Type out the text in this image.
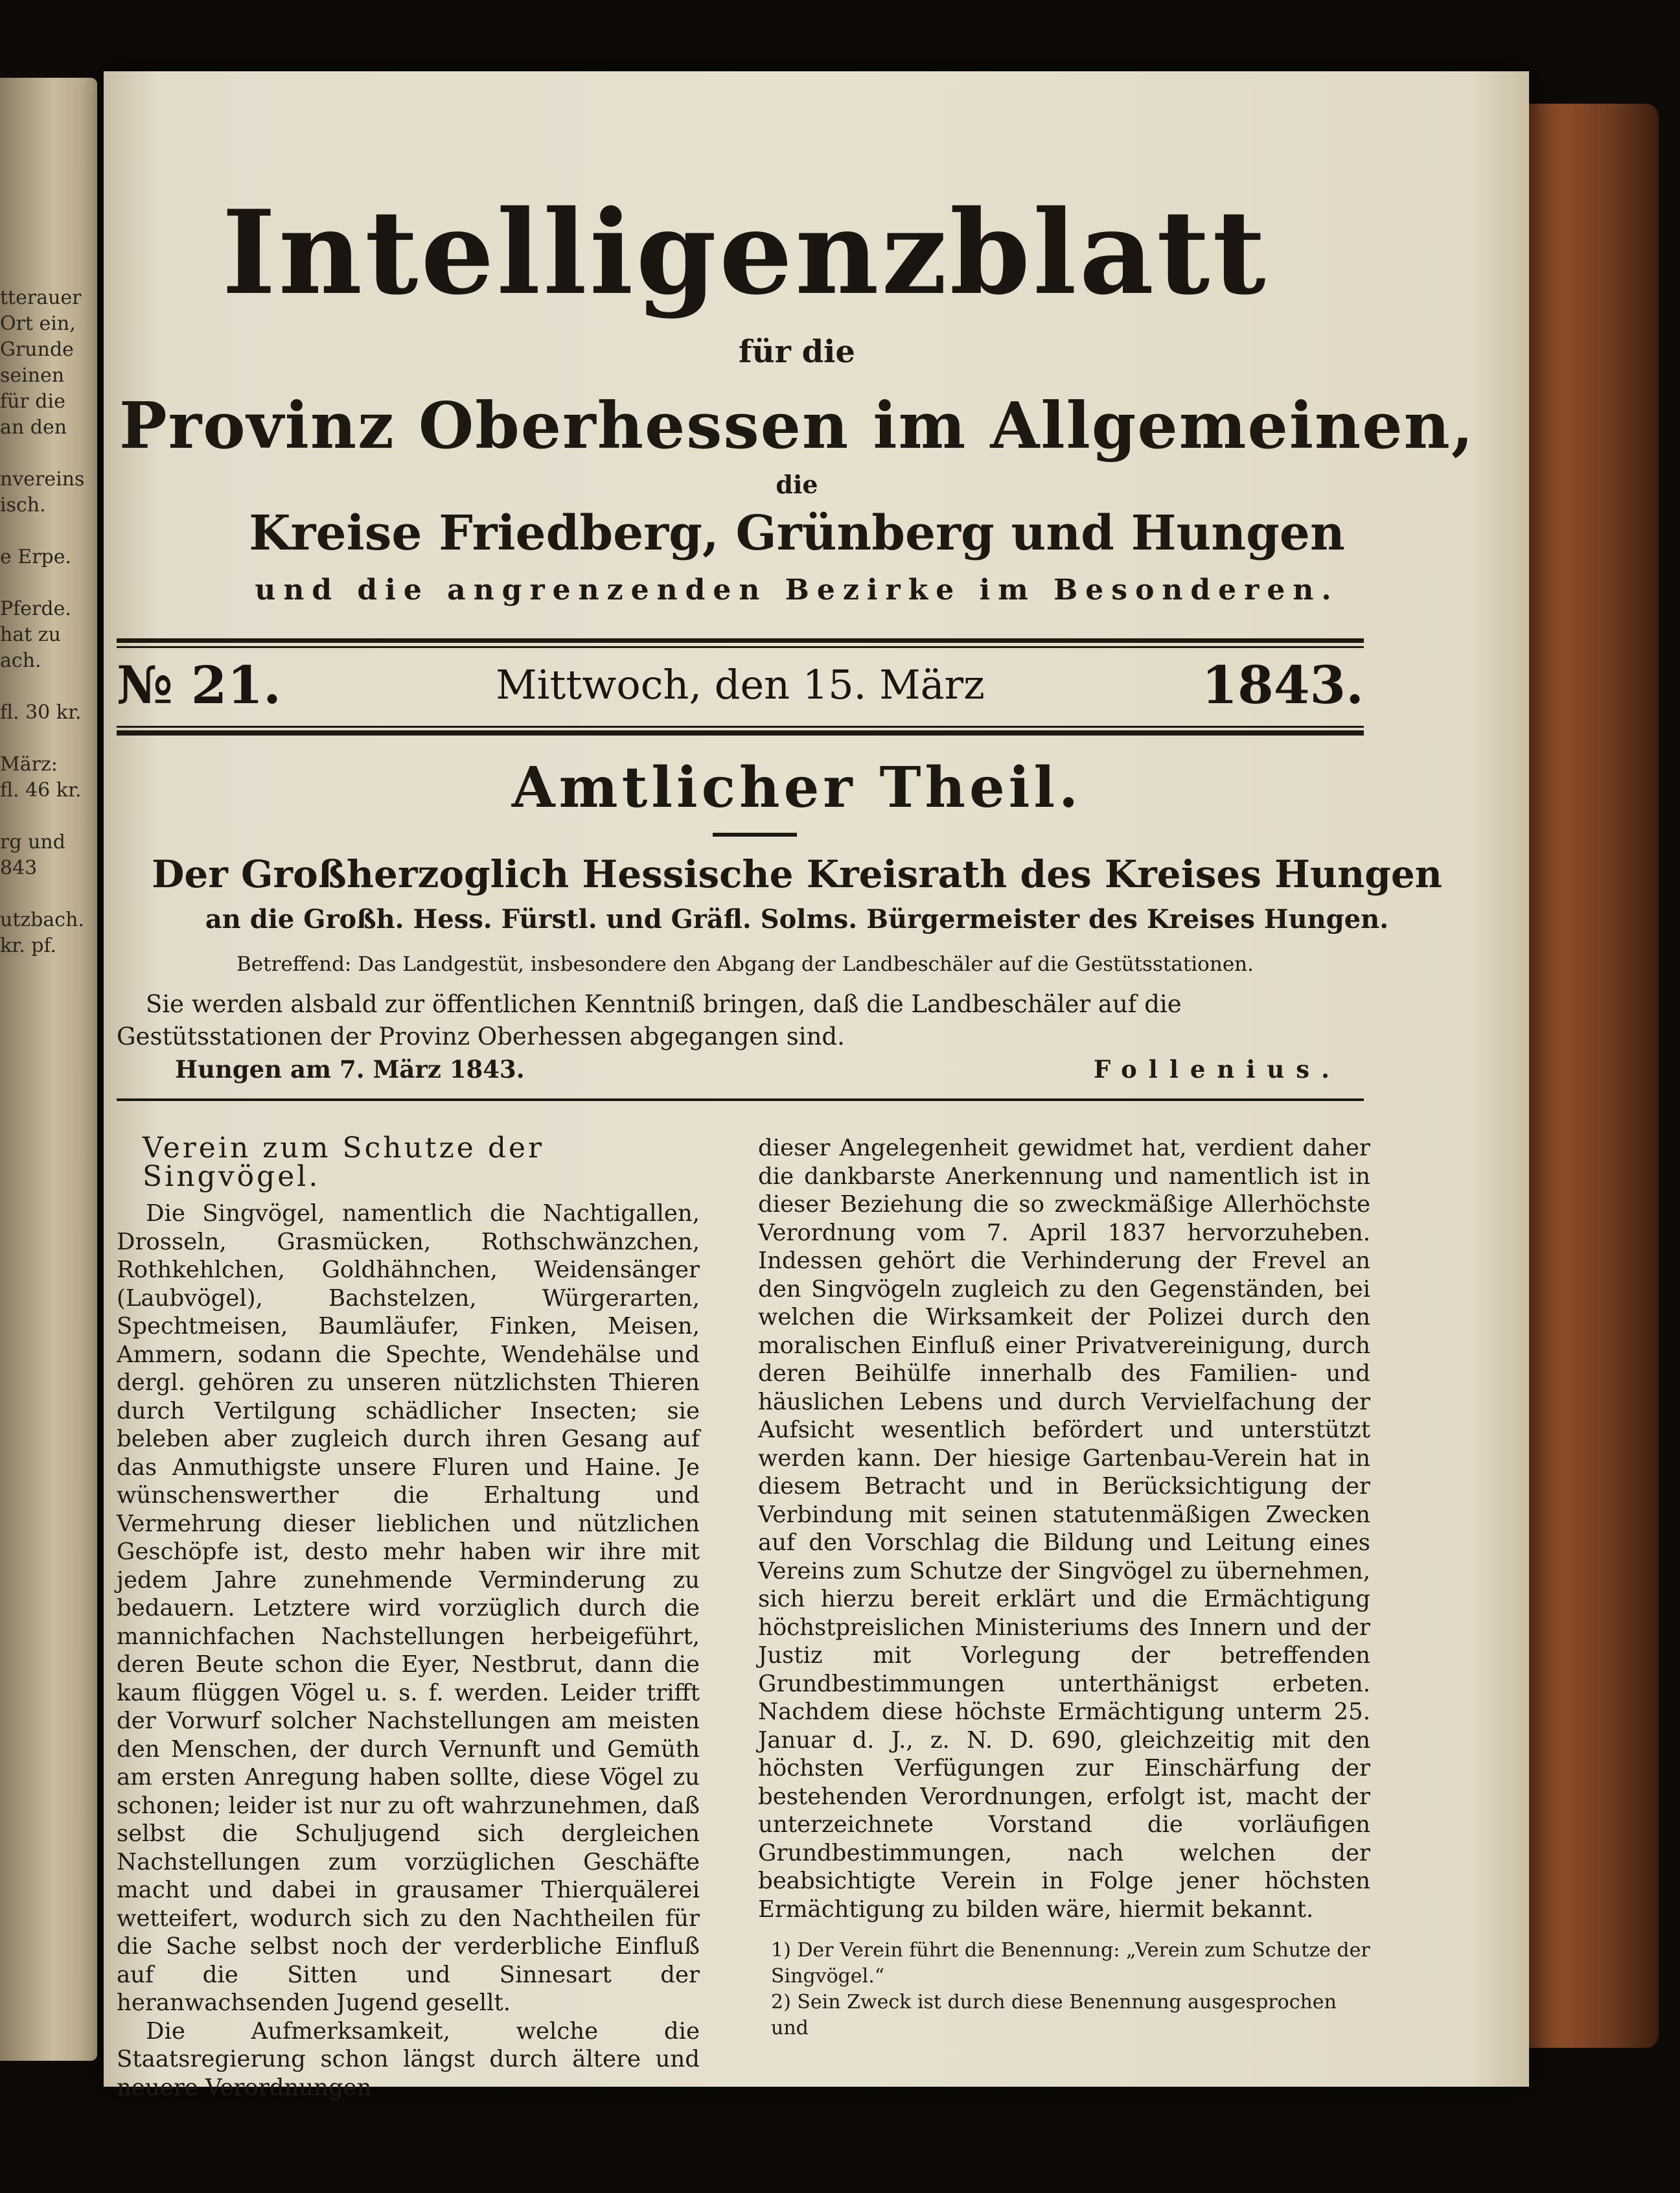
tterauer
Ort ein,
Grunde
seinen
für die
an den

nvereins
isch.

e Erpe.

Pferde.
hat zu
ach.

fl. 30 kr.

März:
fl. 46 kr.

rg und
843

utzbach.
kr. pf.
Intelligenzblatt
für die
Provinz Oberhessen im Allgemeinen,
die
Kreise Friedberg, Grünberg und Hungen
und die angrenzenden Bezirke im Besonderen.
№ 21.	Mittwoch, den 15. März	1843.
Amtlicher Theil.
Der Großherzoglich Hessische Kreisrath des Kreises Hungen
an die Großh. Hess. Fürstl. und Gräfl. Solms. Bürgermeister des Kreises Hungen.
Betreffend: Das Landgestüt, insbesondere den Abgang der Landbeschäler auf die Gestütsstationen.
Sie werden alsbald zur öffentlichen Kenntniß bringen, daß die Landbeschäler auf die Gestütsstationen der Provinz Oberhessen abgegangen sind.
Hungen am 7. März 1843.	Follenius.
Verein zum Schutze der Singvögel.

Die Singvögel, namentlich die Nachtigallen, Drosseln, Grasmücken, Rothschwänzchen, Rothkehlchen, Goldhähnchen, Weidensänger (Laubvögel), Bachstelzen, Würgerarten, Spechtmeisen, Baumläufer, Finken, Meisen, Ammern, sodann die Spechte, Wendehälse und dergl. gehören zu unseren nützlichsten Thieren durch Vertilgung schädlicher Insecten; sie beleben aber zugleich durch ihren Gesang auf das Anmuthigste unsere Fluren und Haine. Je wünschenswerther die Erhaltung und Vermehrung dieser lieblichen und nützlichen Geschöpfe ist, desto mehr haben wir ihre mit jedem Jahre zunehmende Verminderung zu bedauern. Letztere wird vorzüglich durch die mannichfachen Nachstellungen herbeigeführt, deren Beute schon die Eyer, Nestbrut, dann die kaum flüggen Vögel u. s. f. werden. Leider trifft der Vorwurf solcher Nachstellungen am meisten den Menschen, der durch Vernunft und Gemüth am ersten Anregung haben sollte, diese Vögel zu schonen; leider ist nur zu oft wahrzunehmen, daß selbst die Schuljugend sich dergleichen Nachstellungen zum vorzüglichen Geschäfte macht und dabei in grausamer Thierquälerei wetteifert, wodurch sich zu den Nachtheilen für die Sache selbst noch der verderbliche Einfluß auf die Sitten und Sinnesart der heranwachsenden Jugend gesellt.

Die Aufmerksamkeit, welche die Staatsregierung schon längst durch ältere und neuere Verordnungen

dieser Angelegenheit gewidmet hat, verdient daher die dankbarste Anerkennung und namentlich ist in dieser Beziehung die so zweckmäßige Allerhöchste Verordnung vom 7. April 1837 hervorzuheben. Indessen gehört die Verhinderung der Frevel an den Singvögeln zugleich zu den Gegenständen, bei welchen die Wirksamkeit der Polizei durch den moralischen Einfluß einer Privatvereinigung, durch deren Beihülfe innerhalb des Familien- und häuslichen Lebens und durch Vervielfachung der Aufsicht wesentlich befördert und unterstützt werden kann. Der hiesige Gartenbau-Verein hat in diesem Betracht und in Berücksichtigung der Verbindung mit seinen statutenmäßigen Zwecken auf den Vorschlag die Bildung und Leitung eines Vereins zum Schutze der Singvögel zu übernehmen, sich hierzu bereit erklärt und die Ermächtigung höchstpreislichen Ministeriums des Innern und der Justiz mit Vorlegung der betreffenden Grundbestimmungen unterthänigst erbeten. Nachdem diese höchste Ermächtigung unterm 25. Januar d. J., z. N. D. 690, gleichzeitig mit den höchsten Verfügungen zur Einschärfung der bestehenden Verordnungen, erfolgt ist, macht der unterzeichnete Vorstand die vorläufigen Grundbestimmungen, nach welchen der beabsichtigte Verein in Folge jener höchsten Ermächtigung zu bilden wäre, hiermit bekannt.

1) Der Verein führt die Benennung: „Verein zum Schutze der Singvögel.“
2) Sein Zweck ist durch diese Benennung ausgesprochen und
